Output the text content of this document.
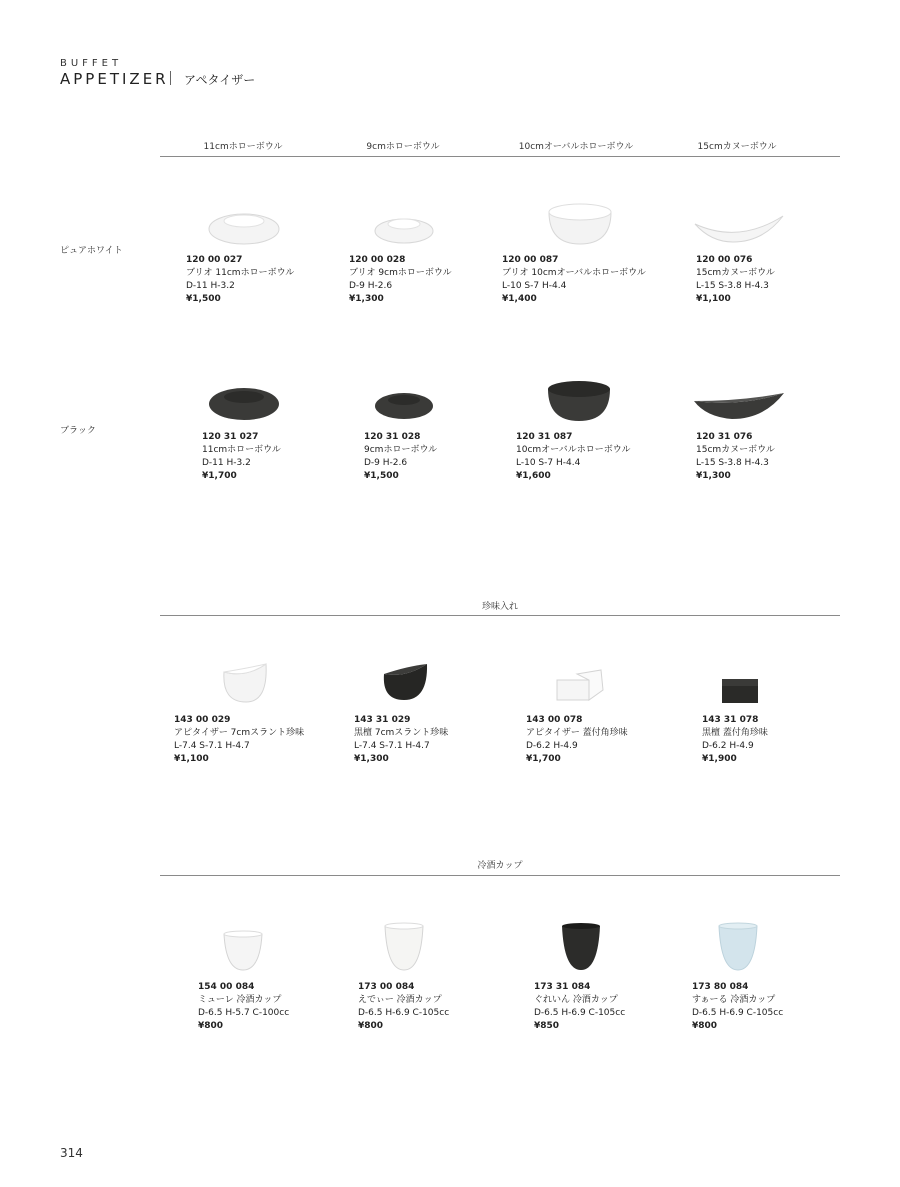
BUFFET
APPETIZER アペタイザー
11cmホローボウル	9cmホローボウル	10cmオーバルホローボウル	15cmカヌーボウル
ピュアホワイト
ブラック
120 00 027
ブリオ 11cmホローボウル
D-11 H-3.2
¥1,500
120 00 028
ブリオ 9cmホローボウル
D-9 H-2.6
¥1,300
120 00 087
ブリオ 10cmオーバルホローボウル
L-10 S-7 H-4.4
¥1,400
120 00 076
15cmカヌーボウル
L-15 S-3.8 H-4.3
¥1,100
120 31 027
11cmホローボウル
D-11 H-3.2
¥1,700
120 31 028
9cmホローボウル
D-9 H-2.6
¥1,500
120 31 087
10cmオーバルホローボウル
L-10 S-7 H-4.4
¥1,600
120 31 076
15cmカヌーボウル
L-15 S-3.8 H-4.3
¥1,300
珍味入れ
143 00 029
アピタイザー 7cmスラント珍味
L-7.4 S-7.1 H-4.7
¥1,100
143 31 029
黒檀 7cmスラント珍味
L-7.4 S-7.1 H-4.7
¥1,300
143 00 078
アピタイザー 蓋付角珍味
D-6.2 H-4.9
¥1,700
143 31 078
黒檀 蓋付角珍味
D-6.2 H-4.9
¥1,900
冷酒カップ
154 00 084
ミューレ 冷酒カップ
D-6.5 H-5.7 C-100cc
¥800
173 00 084
えでぃー 冷酒カップ
D-6.5 H-6.9 C-105cc
¥800
173 31 084
ぐれいん 冷酒カップ
D-6.5 H-6.9 C-105cc
¥850
173 80 084
すぁーる 冷酒カップ
D-6.5 H-6.9 C-105cc
¥800
314
